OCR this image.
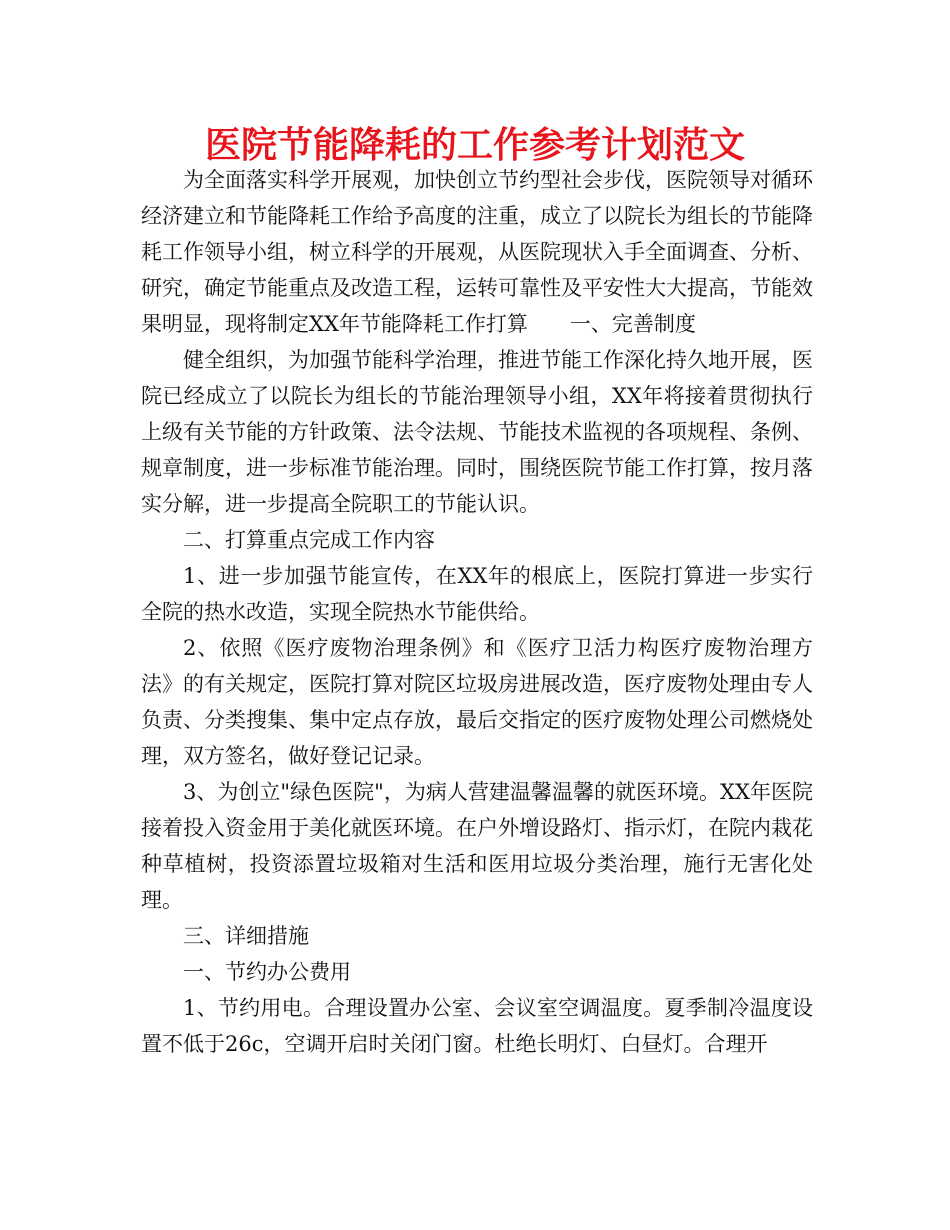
医院节能降耗的工作参考计划范文

为全面落实科学开展观，加快创立节约型社会步伐，医院领导对循环经济建立和节能降耗工作给予高度的注重，成立了以院长为组长的节能降耗工作领导小组，树立科学的开展观，从医院现状入手全面调查、分析、研究，确定节能重点及改造工程，运转可靠性及平安性大大提高，节能效果明显，现将制定XX年节能降耗工作打算　　一、完善制度

健全组织，为加强节能科学治理，推进节能工作深化持久地开展，医院已经成立了以院长为组长的节能治理领导小组，XX年将接着贯彻执行上级有关节能的方针政策、法令法规、节能技术监视的各项规程、条例、规章制度，进一步标准节能治理。同时，围绕医院节能工作打算，按月落实分解，进一步提高全院职工的节能认识。

二、打算重点完成工作内容

1、进一步加强节能宣传，在XX年的根底上，医院打算进一步实行全院的热水改造，实现全院热水节能供给。

2、依照《医疗废物治理条例》和《医疗卫活力构医疗废物治理方法》的有关规定，医院打算对院区垃圾房进展改造，医疗废物处理由专人负责、分类搜集、集中定点存放，最后交指定的医疗废物处理公司燃烧处理，双方签名，做好登记记录。

3、为创立"绿色医院"，为病人营建温馨温馨的就医环境。XX年医院接着投入资金用于美化就医环境。在户外增设路灯、指示灯，在院内栽花种草植树，投资添置垃圾箱对生活和医用垃圾分类治理，施行无害化处理。

三、详细措施

一、节约办公费用

1、节约用电。合理设置办公室、会议室空调温度。夏季制冷温度设置不低于26c，空调开启时关闭门窗。杜绝长明灯、白昼灯。合理开
